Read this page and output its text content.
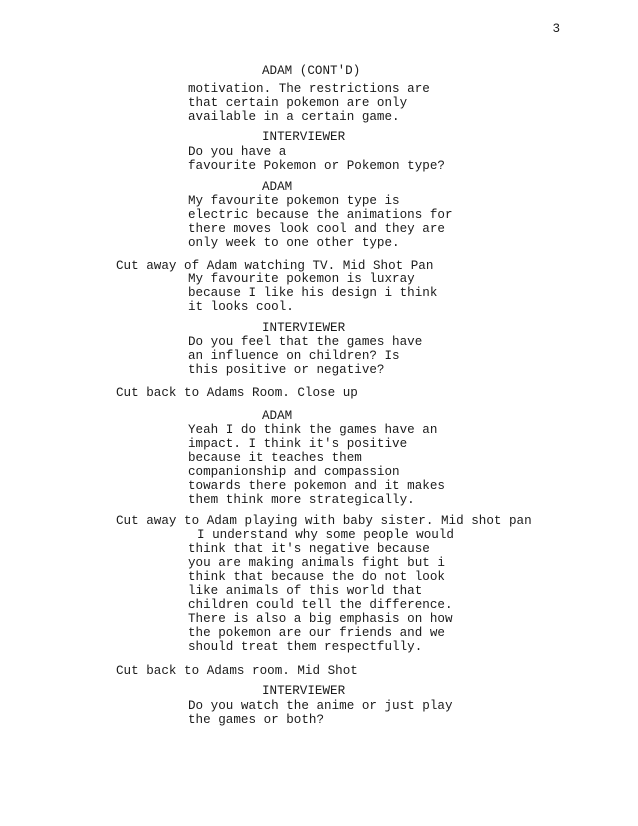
3
ADAM (CONT'D)
motivation. The restrictions are
that certain pokemon are only
available in a certain game.
INTERVIEWER
Do you have a
favourite Pokemon or Pokemon type?
ADAM
My favourite pokemon type is
electric because the animations for
there moves look cool and they are
only week to one other type.
Cut away of Adam watching TV. Mid Shot Pan
My favourite pokemon is luxray
because I like his design i think
it looks cool.
INTERVIEWER
Do you feel that the games have
an influence on children? Is
this positive or negative?
Cut back to Adams Room. Close up
ADAM
Yeah I do think the games have an
impact. I think it's positive
because it teaches them
companionship and compassion
towards there pokemon and it makes
them think more strategically.
Cut away to Adam playing with baby sister. Mid shot pan
I understand why some people would
think that it's negative because
you are making animals fight but i
think that because the do not look
like animals of this world that
children could tell the difference.
There is also a big emphasis on how
the pokemon are our friends and we
should treat them respectfully.
Cut back to Adams room. Mid Shot
INTERVIEWER
Do you watch the anime or just play
the games or both?
